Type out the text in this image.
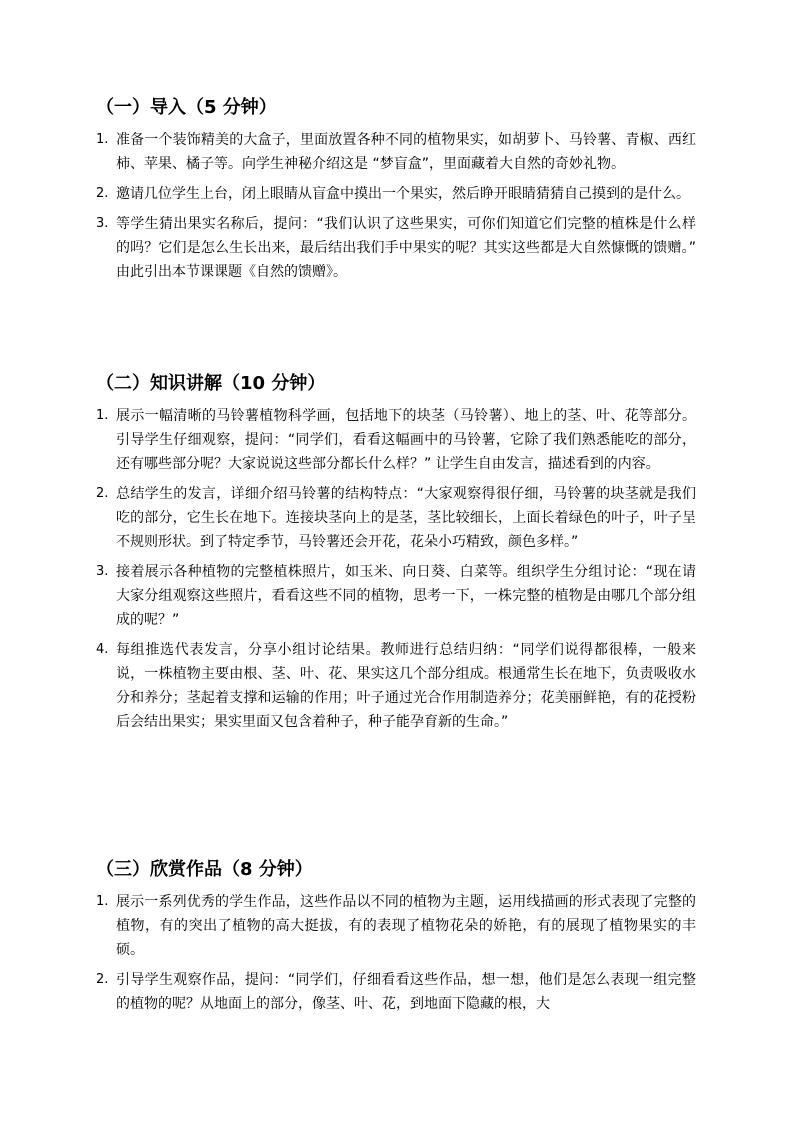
（一）导入（5 分钟）
1. 准备一个装饰精美的大盒子，里面放置各种不同的植物果实，如胡萝卜、马铃薯、青椒、西红柿、苹果、橘子等。向学生神秘介绍这是 “梦盲盒”，里面藏着大自然的奇妙礼物。
2. 邀请几位学生上台，闭上眼睛从盲盒中摸出一个果实，然后睁开眼睛猜猜自己摸到的是什么。
3. 等学生猜出果实名称后，提问：“我们认识了这些果实，可你们知道它们完整的植株是什么样的吗？它们是怎么生长出来，最后结出我们手中果实的呢？其实这些都是大自然慷慨的馈赠。” 由此引出本节课课题《自然的馈赠》。
（二）知识讲解（10 分钟）
1. 展示一幅清晰的马铃薯植物科学画，包括地下的块茎（马铃薯）、地上的茎、叶、花等部分。引导学生仔细观察，提问：“同学们，看看这幅画中的马铃薯，它除了我们熟悉能吃的部分，还有哪些部分呢？大家说说这些部分都长什么样？” 让学生自由发言，描述看到的内容。
2. 总结学生的发言，详细介绍马铃薯的结构特点：“大家观察得很仔细，马铃薯的块茎就是我们吃的部分，它生长在地下。连接块茎向上的是茎，茎比较细长，上面长着绿色的叶子，叶子呈不规则形状。到了特定季节，马铃薯还会开花，花朵小巧精致，颜色多样。”
3. 接着展示各种植物的完整植株照片，如玉米、向日葵、白菜等。组织学生分组讨论：“现在请大家分组观察这些照片，看看这些不同的植物，思考一下，一株完整的植物是由哪几个部分组成的呢？”
4. 每组推选代表发言，分享小组讨论结果。教师进行总结归纳：“同学们说得都很棒，一般来说，一株植物主要由根、茎、叶、花、果实这几个部分组成。根通常生长在地下，负责吸收水分和养分；茎起着支撑和运输的作用；叶子通过光合作用制造养分；花美丽鲜艳，有的花授粉后会结出果实；果实里面又包含着种子，种子能孕育新的生命。”
（三）欣赏作品（8 分钟）
1. 展示一系列优秀的学生作品，这些作品以不同的植物为主题，运用线描画的形式表现了完整的植物，有的突出了植物的高大挺拔，有的表现了植物花朵的娇艳，有的展现了植物果实的丰硕。
2. 引导学生观察作品，提问：“同学们，仔细看看这些作品，想一想，他们是怎么表现一组完整的植物的呢？从地面上的部分，像茎、叶、花，到地面下隐藏的根，大
